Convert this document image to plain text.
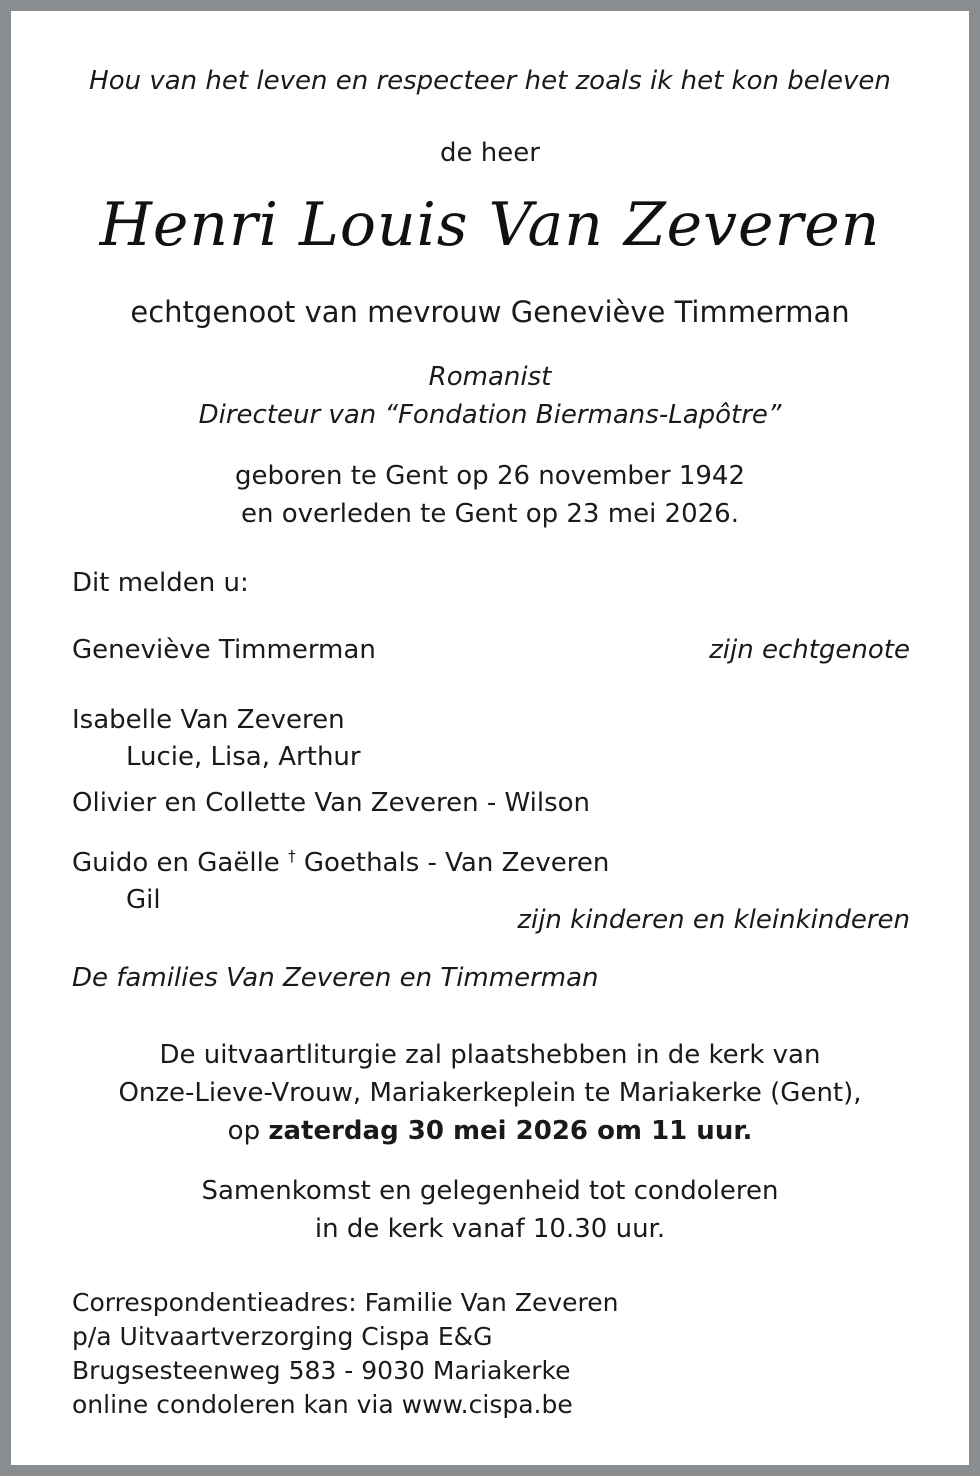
Hou van het leven en respecteer het zoals ik het kon beleven
de heer
Henri Louis Van Zeveren
echtgenoot van mevrouw Geneviève Timmerman
Romanist
Directeur van “Fondation Biermans-Lapôtre”
geboren te Gent op 26 november 1942
en overleden te Gent op 23 mei 2026.
Dit melden u:
Geneviève Timmerman	zijn echtgenote
Isabelle Van Zeveren
Lucie, Lisa, Arthur
Olivier en Collette Van Zeveren - Wilson
Guido en Gaëlle † Goethals - Van Zeveren
Gil
zijn kinderen en kleinkinderen
De families Van Zeveren en Timmerman
De uitvaartliturgie zal plaatshebben in de kerk van
Onze-Lieve-Vrouw, Mariakerkeplein te Mariakerke (Gent),
op zaterdag 30 mei 2026 om 11 uur.
Samenkomst en gelegenheid tot condoleren
in de kerk vanaf 10.30 uur.
Correspondentieadres: Familie Van Zeveren
p/a Uitvaartverzorging Cispa E&G
Brugsesteenweg 583 - 9030 Mariakerke
online condoleren kan via www.cispa.be
